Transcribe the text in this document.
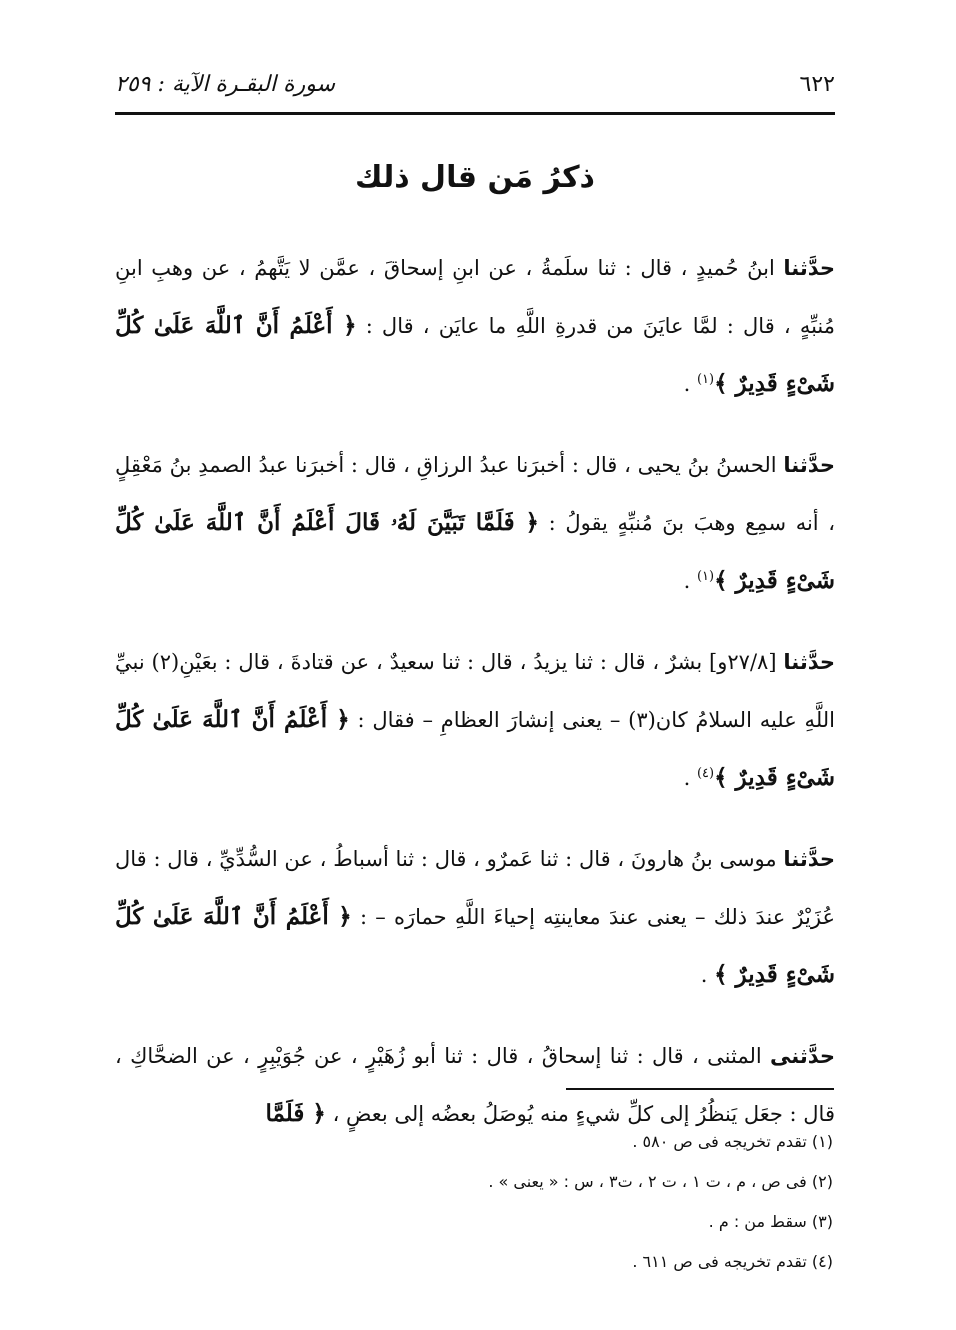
٦٢٢
سورة البقـرة الآية : ٢٥٩
ذكرُ مَن قال ذلك

حدَّثنا ابنُ حُميدٍ ، قال : ثنا سلَمةُ ، عن ابنِ إسحاقَ ، عمَّن لا يَتَّهمُ ، عن وهبِ ابنِ مُنبِّهٍ ، قال : لمَّا عايَنَ من قدرةِ اللَّهِ ما عايَن ، قال : ﴿ أَعْلَمُ أَنَّ ٱللَّهَ عَلَىٰ كُلِّ شَىْءٍ قَدِيرٌ ﴾$^{(١)}$ .

حدَّثنا الحسنُ بنُ يحيى ، قال : أخبرَنا عبدُ الرزاقِ ، قال : أخبرَنا عبدُ الصمدِ بنُ مَعْقِلٍ ، أنه سمِع وهبَ بنَ مُنبِّهٍ يقولُ : ﴿ فَلَمَّا تَبَيَّنَ لَهُۥ قَالَ أَعْلَمُ أَنَّ ٱللَّهَ عَلَىٰ كُلِّ شَىْءٍ قَدِيرٌ ﴾$^{(١)}$ .

حدَّثنا [٢٧/٨و] بشرٌ ، قال : ثنا يزيدُ ، قال : ثنا سعيدٌ ، عن قتادةَ ، قال : بعَيْنِ(٢) نبيِّ اللَّهِ عليه السلامُ كان(٣) – يعنى إنشارَ العظامِ – فقال : ﴿ أَعْلَمُ أَنَّ ٱللَّهَ عَلَىٰ كُلِّ شَىْءٍ قَدِيرٌ ﴾$^{(٤)}$ .

حدَّثنا موسى بنُ هارونَ ، قال : ثنا عَمرٌو ، قال : ثنا أسباطُ ، عن السُّدِّيِّ ، قال : قال عُزَيْرٌ عندَ ذلك – يعنى عندَ معاينتِه إحياءَ اللَّهِ حمارَه – : ﴿ أَعْلَمُ أَنَّ ٱللَّهَ عَلَىٰ كُلِّ شَىْءٍ قَدِيرٌ ﴾ .

حدَّثنى المثنى ، قال : ثنا إسحاقُ ، قال : ثنا أبو زُهَيْرٍ ، عن جُوَيْبِرٍ ، عن الضحَّاكِ ، قال : جعَل يَنظُرُ إلى كلِّ شيءٍ منه يُوصَلُ بعضُه إلى بعضٍ ، ﴿ فَلَمَّا

(١) تقدم تخريجه فى ص ٥٨٠ .
(٢) فى ص ، م ، ت ١ ، ت ٢ ، ت٣ ، س : « يعنى » .
(٣) سقط من : م .
(٤) تقدم تخريجه فى ص ٦١١ .
